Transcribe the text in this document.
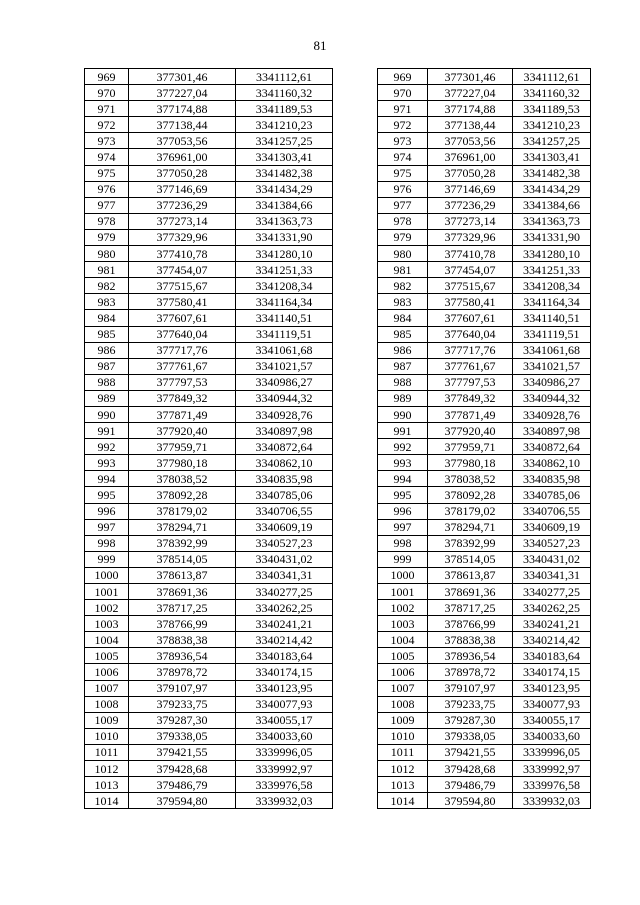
81
969	377301,46	3341112,61
970	377227,04	3341160,32
971	377174,88	3341189,53
972	377138,44	3341210,23
973	377053,56	3341257,25
974	376961,00	3341303,41
975	377050,28	3341482,38
976	377146,69	3341434,29
977	377236,29	3341384,66
978	377273,14	3341363,73
979	377329,96	3341331,90
980	377410,78	3341280,10
981	377454,07	3341251,33
982	377515,67	3341208,34
983	377580,41	3341164,34
984	377607,61	3341140,51
985	377640,04	3341119,51
986	377717,76	3341061,68
987	377761,67	3341021,57
988	377797,53	3340986,27
989	377849,32	3340944,32
990	377871,49	3340928,76
991	377920,40	3340897,98
992	377959,71	3340872,64
993	377980,18	3340862,10
994	378038,52	3340835,98
995	378092,28	3340785,06
996	378179,02	3340706,55
997	378294,71	3340609,19
998	378392,99	3340527,23
999	378514,05	3340431,02
1000	378613,87	3340341,31
1001	378691,36	3340277,25
1002	378717,25	3340262,25
1003	378766,99	3340241,21
1004	378838,38	3340214,42
1005	378936,54	3340183,64
1006	378978,72	3340174,15
1007	379107,97	3340123,95
1008	379233,75	3340077,93
1009	379287,30	3340055,17
1010	379338,05	3340033,60
1011	379421,55	3339996,05
1012	379428,68	3339992,97
1013	379486,79	3339976,58
1014	379594,80	3339932,03
969	377301,46	3341112,61
970	377227,04	3341160,32
971	377174,88	3341189,53
972	377138,44	3341210,23
973	377053,56	3341257,25
974	376961,00	3341303,41
975	377050,28	3341482,38
976	377146,69	3341434,29
977	377236,29	3341384,66
978	377273,14	3341363,73
979	377329,96	3341331,90
980	377410,78	3341280,10
981	377454,07	3341251,33
982	377515,67	3341208,34
983	377580,41	3341164,34
984	377607,61	3341140,51
985	377640,04	3341119,51
986	377717,76	3341061,68
987	377761,67	3341021,57
988	377797,53	3340986,27
989	377849,32	3340944,32
990	377871,49	3340928,76
991	377920,40	3340897,98
992	377959,71	3340872,64
993	377980,18	3340862,10
994	378038,52	3340835,98
995	378092,28	3340785,06
996	378179,02	3340706,55
997	378294,71	3340609,19
998	378392,99	3340527,23
999	378514,05	3340431,02
1000	378613,87	3340341,31
1001	378691,36	3340277,25
1002	378717,25	3340262,25
1003	378766,99	3340241,21
1004	378838,38	3340214,42
1005	378936,54	3340183,64
1006	378978,72	3340174,15
1007	379107,97	3340123,95
1008	379233,75	3340077,93
1009	379287,30	3340055,17
1010	379338,05	3340033,60
1011	379421,55	3339996,05
1012	379428,68	3339992,97
1013	379486,79	3339976,58
1014	379594,80	3339932,03
